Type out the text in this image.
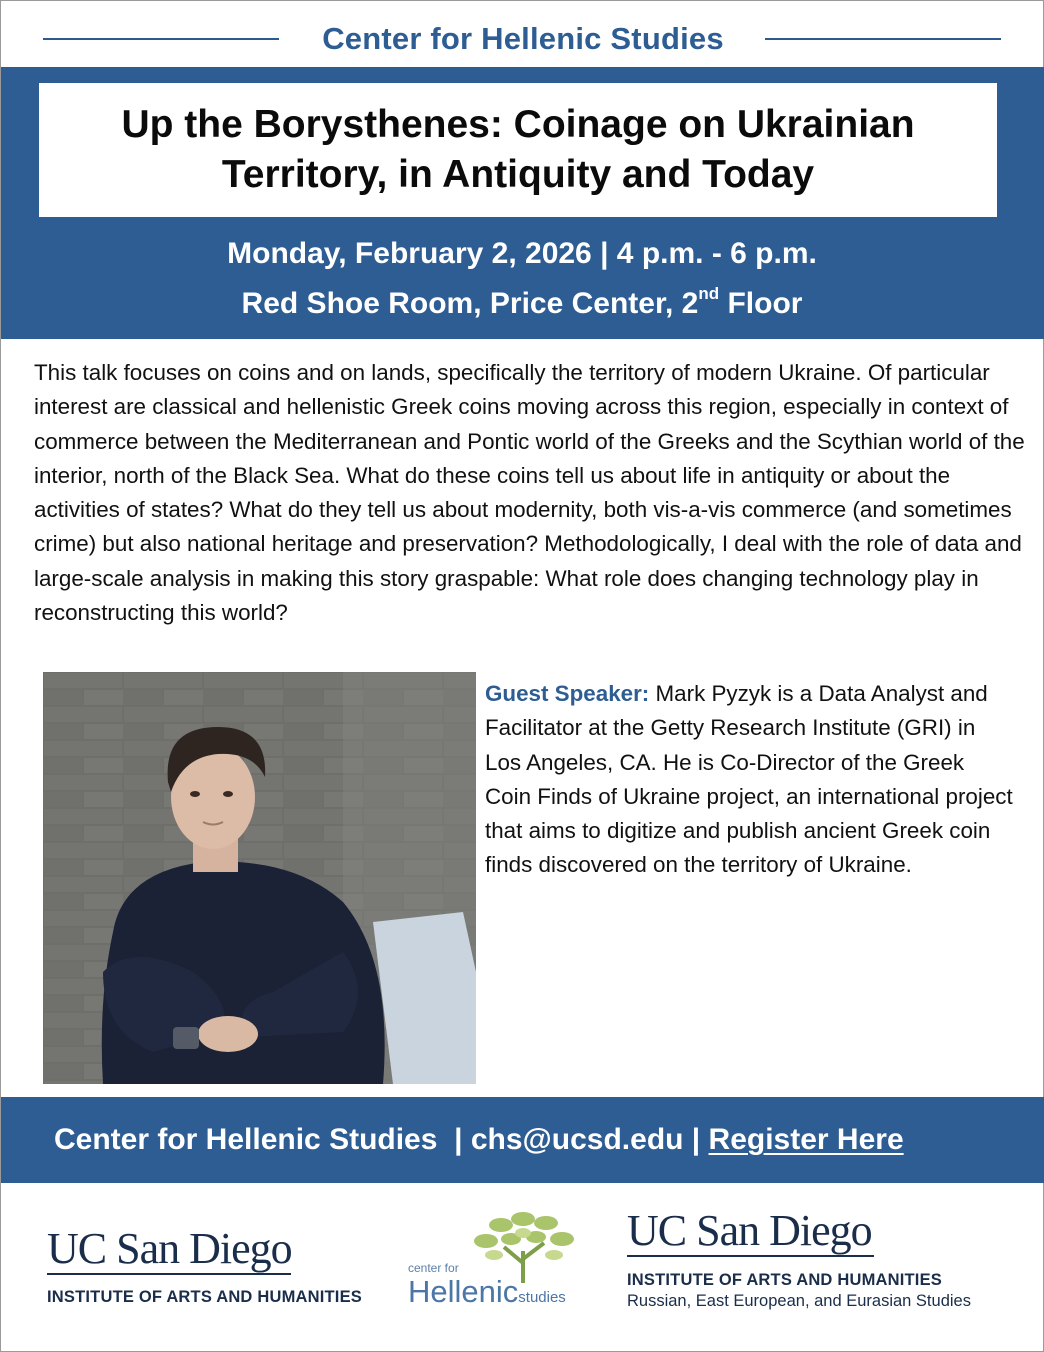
Center for Hellenic Studies
Up the Borysthenes: Coinage on Ukrainian Territory, in Antiquity and Today
Monday, February 2, 2026 | 4 p.m. - 6 p.m.
Red Shoe Room, Price Center, 2nd Floor

This talk focuses on coins and on lands, specifically the territory of modern Ukraine. Of particular interest are classical and hellenistic Greek coins moving across this region, especially in context of commerce between the Mediterranean and Pontic world of the Greeks and the Scythian world of the interior, north of the Black Sea. What do these coins tell us about life in antiquity or about the activities of states? What do they tell us about modernity, both vis-a-vis commerce (and sometimes crime) but also national heritage and preservation? Methodologically, I deal with the role of data and large-scale analysis in making this story graspable: What role does changing technology play in reconstructing this world?

Guest Speaker: Mark Pyzyk is a Data Analyst and Facilitator at the Getty Research Institute (GRI) in Los Angeles, CA. He is Co-Director of the Greek Coin Finds of Ukraine project, an international project that aims to digitize and publish ancient Greek coin finds discovered on the territory of Ukraine.

Center for Hellenic Studies  | chs@ucsd.edu | Register Here
UC San Diego
INSTITUTE OF ARTS AND HUMANITIES
center for
Hellenicstudies
UC San Diego
INSTITUTE OF ARTS AND HUMANITIES
Russian, East European, and Eurasian Studies
